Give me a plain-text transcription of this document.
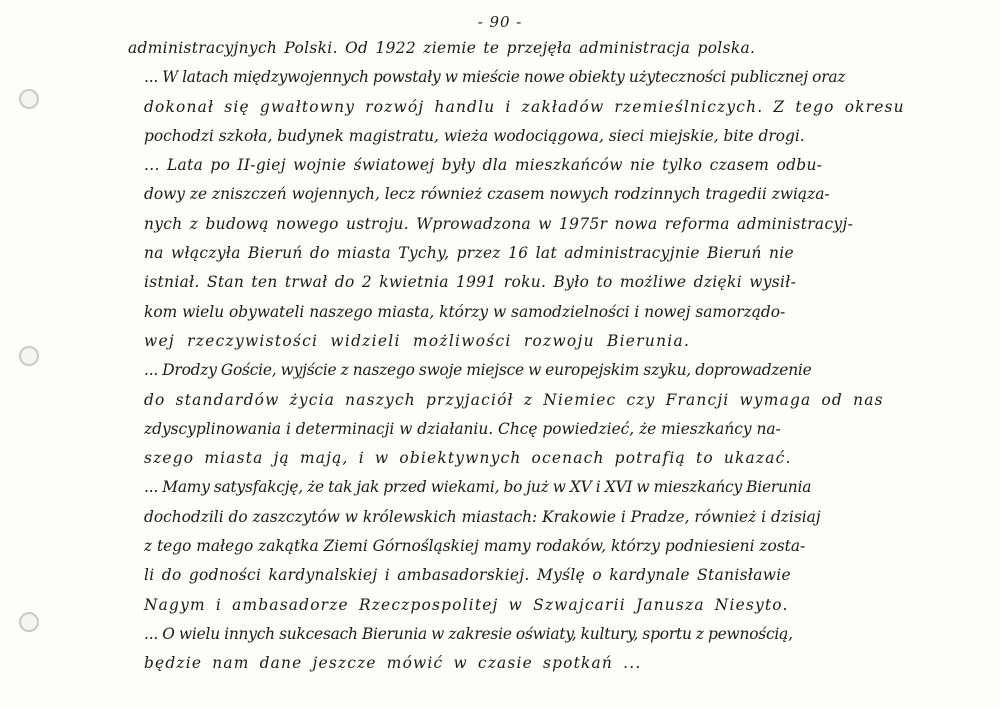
- 90 -
administracyjnych Polski. Od 1922 ziemie te przejęła administracja polska.
... W latach międzywojennych powstały w mieście nowe obiekty użyteczności publicznej oraz
dokonał się gwałtowny rozwój handlu i zakładów rzemieślniczych. Z tego okresu
pochodzi szkoła, budynek magistratu, wieża wodociągowa, sieci miejskie, bite drogi.
... Lata po II-giej wojnie światowej były dla mieszkańców nie tylko czasem odbu-
dowy ze zniszczeń wojennych, lecz również czasem nowych rodzinnych tragedii związa-
nych z budową nowego ustroju. Wprowadzona w 1975r nowa reforma administracyj-
na włączyła Bieruń do miasta Tychy, przez 16 lat administracyjnie Bieruń nie
istniał. Stan ten trwał do 2 kwietnia 1991 roku. Było to możliwe dzięki wysił-
kom wielu obywateli naszego miasta, którzy w samodzielności i nowej samorządo-
wej rzeczywistości widzieli możliwości rozwoju Bierunia.
... Drodzy Goście, wyjście z naszego swoje miejsce w europejskim szyku, doprowadzenie
do standardów życia naszych przyjaciół z Niemiec czy Francji wymaga od nas
zdyscyplinowania i determinacji w działaniu. Chcę powiedzieć, że mieszkańcy na-
szego miasta ją mają, i w obiektywnych ocenach potrafią to ukazać.
... Mamy satysfakcję, że tak jak przed wiekami, bo już w XV i XVI w mieszkańcy Bierunia
dochodzili do zaszczytów w królewskich miastach: Krakowie i Pradze, również i dzisiaj
z tego małego zakątka Ziemi Górnośląskiej mamy rodaków, którzy podniesieni zosta-
li do godności kardynalskiej i ambasadorskiej. Myślę o kardynale Stanisławie
Nagym i ambasadorze Rzeczpospolitej w Szwajcarii Janusza Niesyto.
... O wielu innych sukcesach Bierunia w zakresie oświaty, kultury, sportu z pewnością,
będzie nam dane jeszcze mówić w czasie spotkań ...
